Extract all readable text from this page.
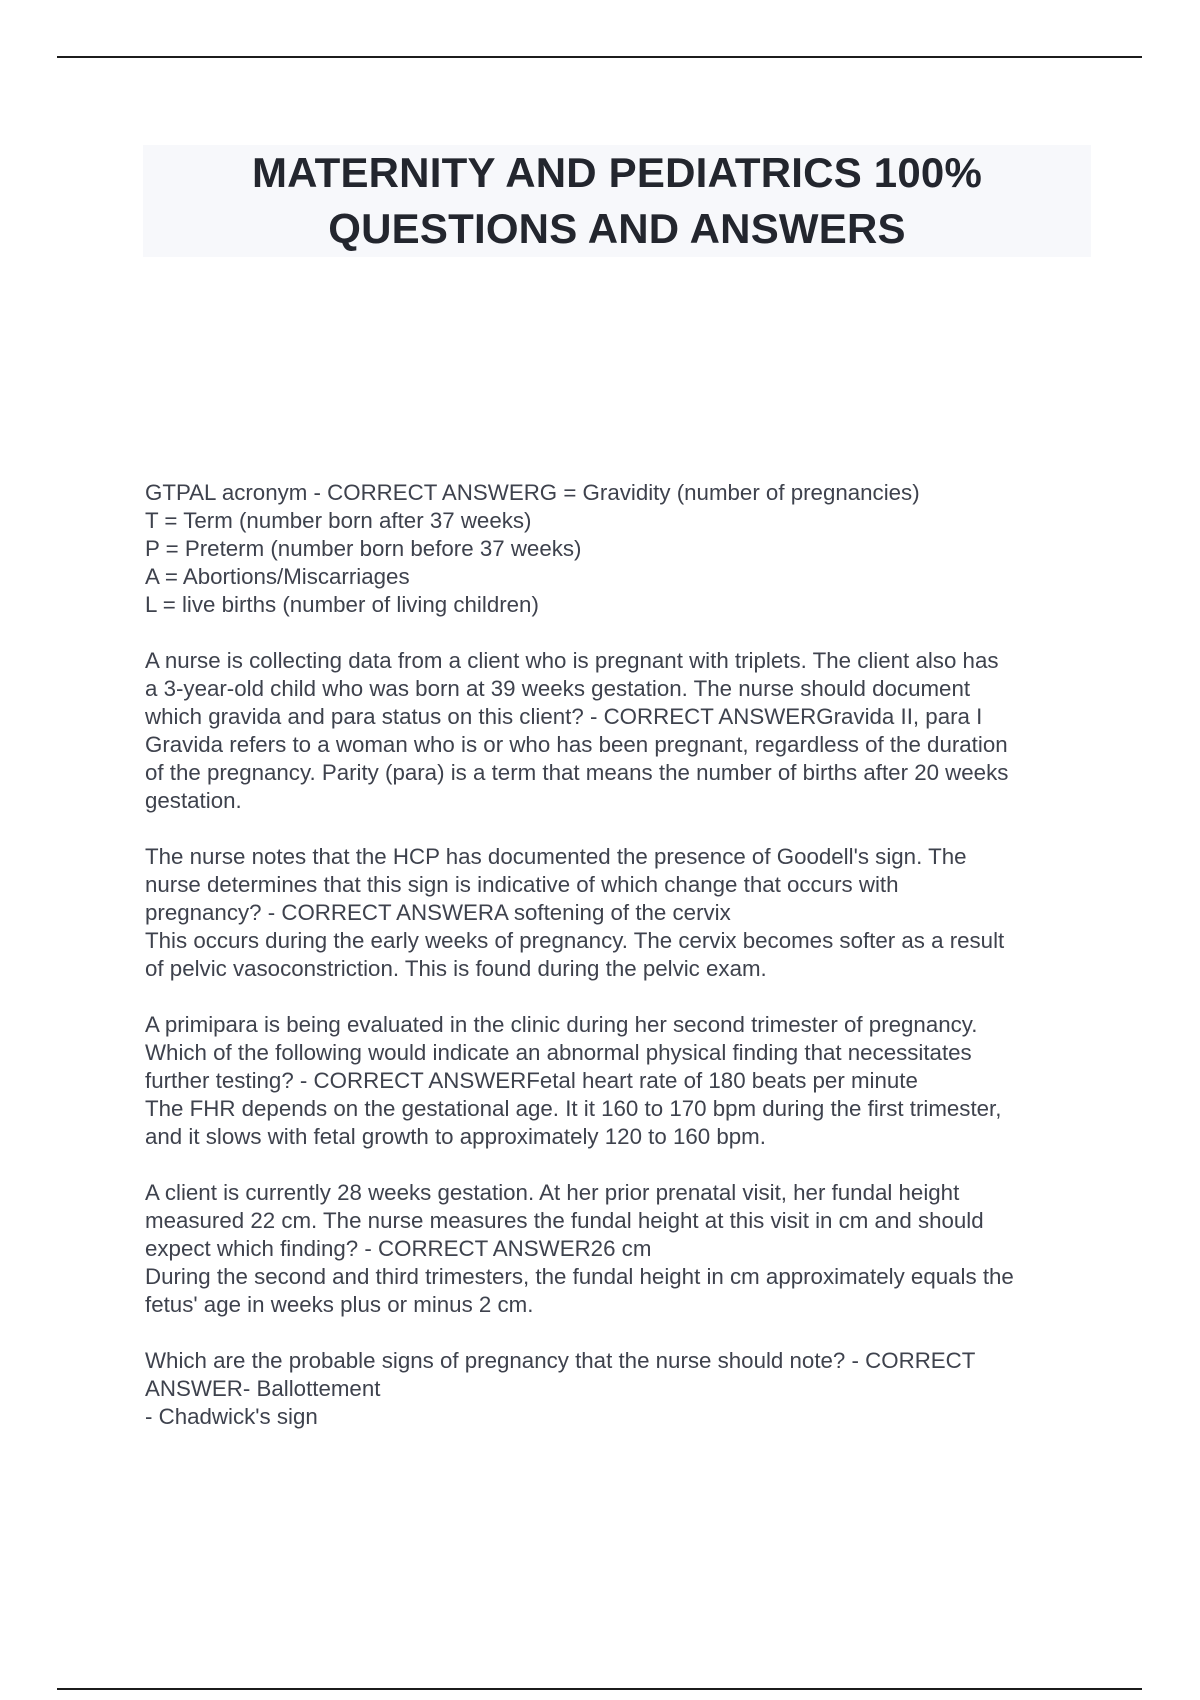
MATERNITY AND PEDIATRICS 100%
QUESTIONS AND ANSWERS
GTPAL acronym - CORRECT ANSWERG = Gravidity (number of pregnancies)
T = Term (number born after 37 weeks)
P = Preterm (number born before 37 weeks)
A = Abortions/Miscarriages
L = live births (number of living children)
A nurse is collecting data from a client who is pregnant with triplets. The client also has
a 3-year-old child who was born at 39 weeks gestation. The nurse should document
which gravida and para status on this client? - CORRECT ANSWERGravida II, para I
Gravida refers to a woman who is or who has been pregnant, regardless of the duration
of the pregnancy. Parity (para) is a term that means the number of births after 20 weeks
gestation.
The nurse notes that the HCP has documented the presence of Goodell's sign. The
nurse determines that this sign is indicative of which change that occurs with
pregnancy? - CORRECT ANSWERA softening of the cervix
This occurs during the early weeks of pregnancy. The cervix becomes softer as a result
of pelvic vasoconstriction. This is found during the pelvic exam.
A primipara is being evaluated in the clinic during her second trimester of pregnancy.
Which of the following would indicate an abnormal physical finding that necessitates
further testing? - CORRECT ANSWERFetal heart rate of 180 beats per minute
The FHR depends on the gestational age. It it 160 to 170 bpm during the first trimester,
and it slows with fetal growth to approximately 120 to 160 bpm.
A client is currently 28 weeks gestation. At her prior prenatal visit, her fundal height
measured 22 cm. The nurse measures the fundal height at this visit in cm and should
expect which finding? - CORRECT ANSWER26 cm
During the second and third trimesters, the fundal height in cm approximately equals the
fetus' age in weeks plus or minus 2 cm.
Which are the probable signs of pregnancy that the nurse should note? - CORRECT
ANSWER- Ballottement
- Chadwick's sign
